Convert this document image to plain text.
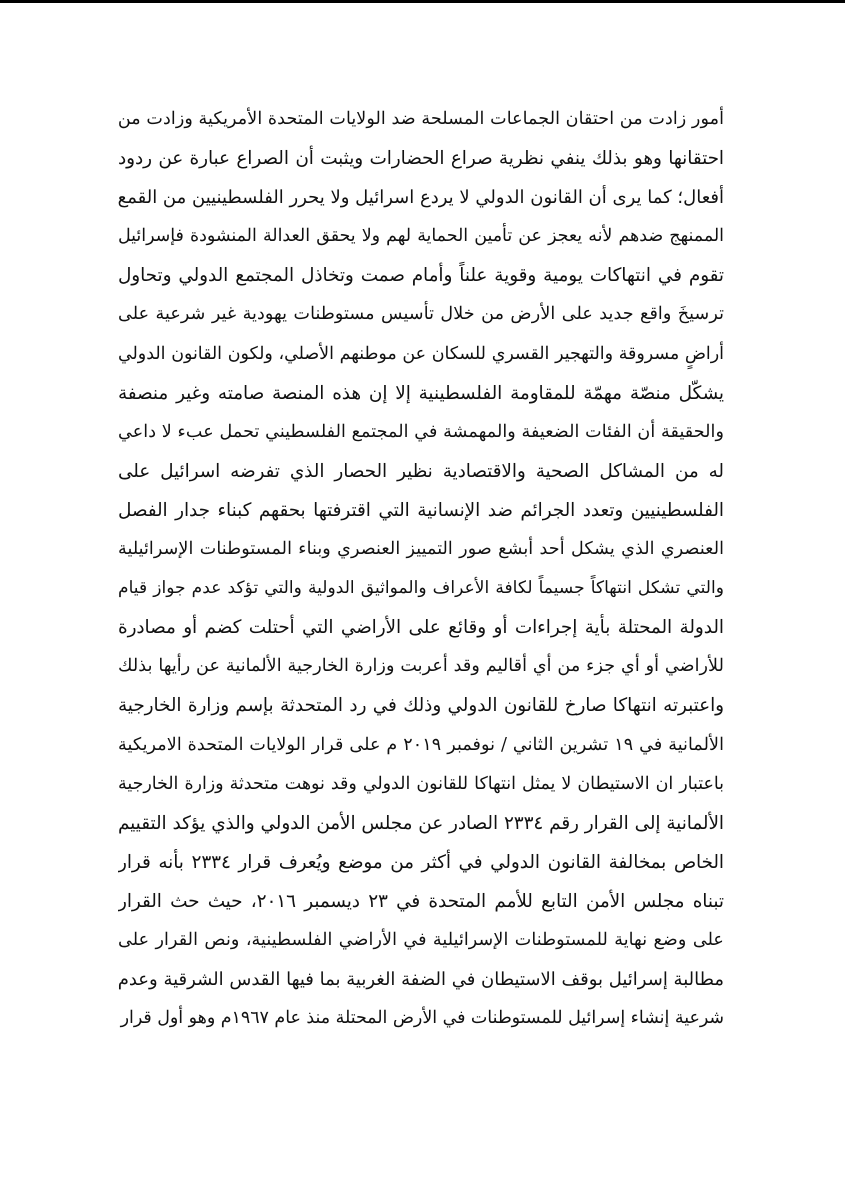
أمور زادت من احتقان الجماعات المسلحة ضد الولايات المتحدة الأمريكية وزادت من
احتقانها وهو بذلك ينفي نظرية صراع الحضارات ويثبت أن الصراع عبارة عن ردود
أفعال؛ كما يرى أن القانون الدولي لا يردع اسرائيل ولا يحرر الفلسطينيين من القمع
الممنهج ضدهم لأنه يعجز عن تأمين الحماية لهم ولا يحقق العدالة المنشودة فإسرائيل
تقوم في انتهاكات يومية وقوية علناً وأمام صمت وتخاذل المجتمع الدولي وتحاول
ترسيخَ واقع جديد على الأرض من خلال تأسيس مستوطنات يهودية غير شرعية على
أراضٍ مسروقة والتهجير القسري للسكان عن موطنهم الأصلي، ولكون القانون الدولي
يشكّل منصّة مهمّة للمقاومة الفلسطينية إلا إن هذه المنصة صامته وغير منصفة
والحقيقة أن الفئات الضعيفة والمهمشة في المجتمع الفلسطيني تحمل عبء لا داعي
له من المشاكل الصحية والاقتصادية نظير الحصار الذي تفرضه اسرائيل على
الفلسطينيين وتعدد الجرائم ضد الإنسانية التي اقترفتها بحقهم كبناء جدار الفصل
العنصري الذي يشكل أحد أبشع صور التمييز العنصري وبناء المستوطنات الإسرائيلية
والتي تشكل انتهاكاً جسيماً لكافة الأعراف والمواثيق الدولية والتي تؤكد عدم جواز قيام
الدولة المحتلة بأية إجراءات أو وقائع على الأراضي التي أحتلت كضم أو مصادرة
للأراضي أو أي جزء من أي أقاليم وقد أعربت وزارة الخارجية الألمانية عن رأيها بذلك
واعتبرته انتهاكا صارخ للقانون الدولي وذلك في رد المتحدثة بإسم وزارة الخارجية
الألمانية في ١٩ تشرين الثاني / نوفمبر ٢٠١٩ م على قرار الولايات المتحدة الامريكية
باعتبار ان الاستيطان لا يمثل انتهاكا للقانون الدولي وقد نوهت متحدثة وزارة الخارجية
الألمانية إلى القرار رقم ٢٣٣٤ الصادر عن مجلس الأمن الدولي والذي يؤكد التقييم
الخاص بمخالفة القانون الدولي في أكثر من موضع ويُعرف قرار ٢٣٣٤ بأنه قرار
تبناه مجلس الأمن التابع للأمم المتحدة في ٢٣ ديسمبر ٢٠١٦، حيث حث القرار
على وضع نهاية للمستوطنات الإسرائيلية في الأراضي الفلسطينية، ونص القرار على
مطالبة إسرائيل بوقف الاستيطان في الضفة الغربية بما فيها القدس الشرقية وعدم
شرعية إنشاء إسرائيل للمستوطنات في الأرض المحتلة منذ عام ١٩٦٧م وهو أول قرار
